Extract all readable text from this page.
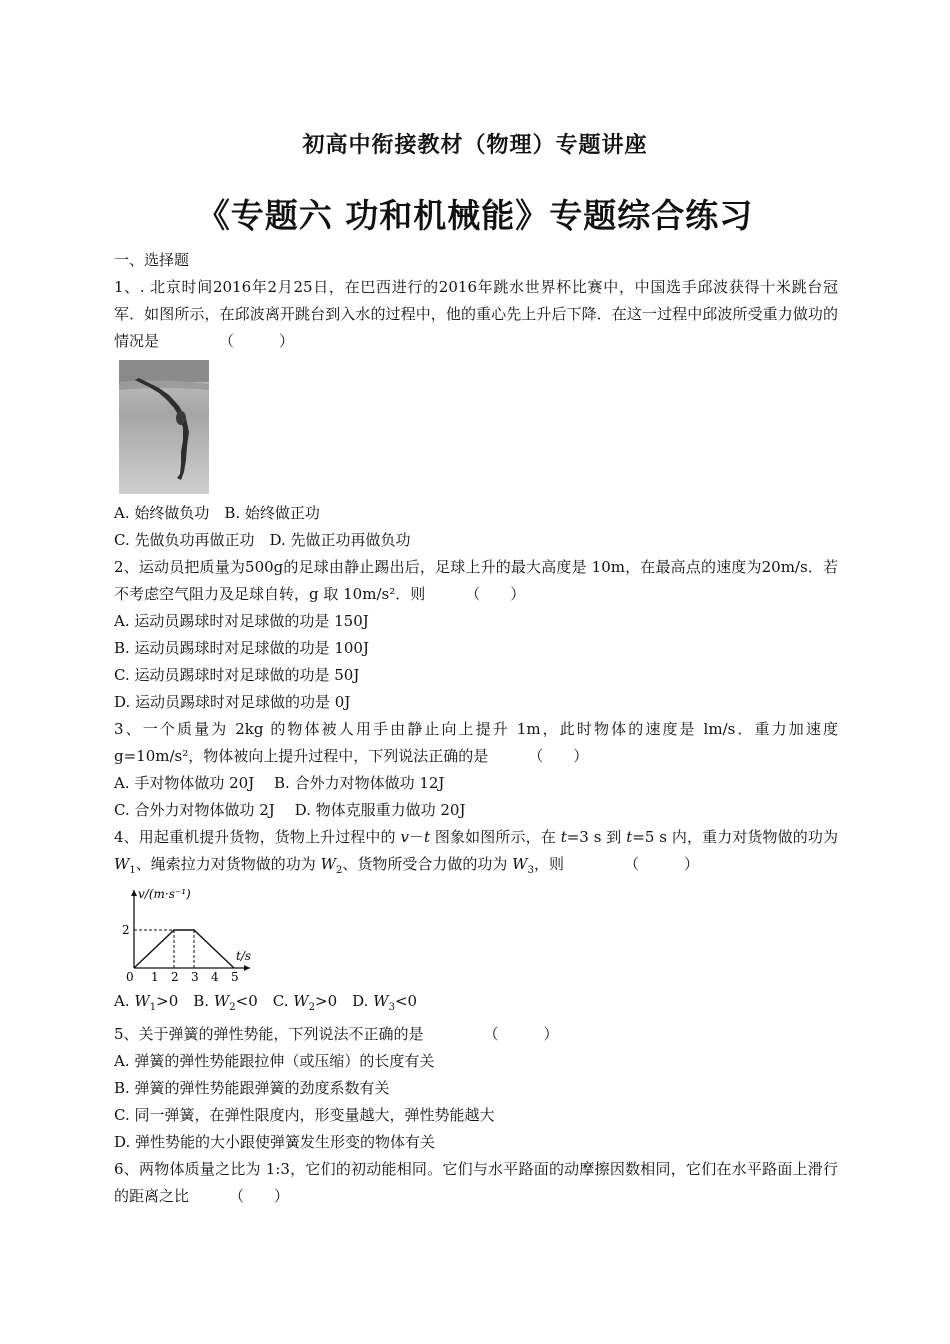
初高中衔接教材（物理）专题讲座
《专题六 功和机械能》专题综合练习
一、选择题
1、. 北京时间2016年2月25日，在巴西进行的2016年跳水世界杯比赛中，中国选手邱波获得十米跳台冠军．如图所示，在邱波离开跳台到入水的过程中，他的重心先上升后下降．在这一过程中邱波所受重力做功的情况是	（　　　）
A. 始终做负功　B. 始终做正功
C. 先做负功再做正功　D. 先做正功再做负功
2、运动员把质量为500g的足球由静止踢出后，足球上升的最大高度是 10m，在最高点的速度为20m/s．若不考虑空气阻力及足球自转，g 取 10m/s²．则	（　　）
A. 运动员踢球时对足球做的功是 150J
B. 运动员踢球时对足球做的功是 100J
C. 运动员踢球时对足球做的功是 50J
D. 运动员踢球时对足球做的功是 0J
3、一个质量为 2kg 的物体被人用手由静止向上提升 1m，此时物体的速度是 lm/s．重力加速度g=10m/s²，物体被向上提升过程中，下列说法正确的是	（　　）
A. 手对物体做功 20J　 B. 合外力对物体做功 12J
C. 合外力对物体做功 2J　 D. 物体克服重力做功 20J
4、用起重机提升货物，货物上升过程中的 v－t 图象如图所示，在 t=3 s 到 t=5 s 内，重力对货物做的功为 $W_1$、绳索拉力对货物做的功为 $W_2$、货物所受合力做的功为 $W_3$，则	（　　　）
v/(m·s⁻¹)
t/s
2
0 1 2 3 4 5
A. $W_1>0$　B. $W_2<0$　C. $W_2>0$　D. $W_3<0$
5、关于弹簧的弹性势能，下列说法不正确的是	（　　　）
A. 弹簧的弹性势能跟拉伸（或压缩）的长度有关
B. 弹簧的弹性势能跟弹簧的劲度系数有关
C. 同一弹簧，在弹性限度内，形变量越大，弹性势能越大
D. 弹性势能的大小跟使弹簧发生形变的物体有关
6、两物体质量之比为 1:3，它们的初动能相同。它们与水平路面的动摩擦因数相同，它们在水平路面上滑行的距离之比	（　　）
